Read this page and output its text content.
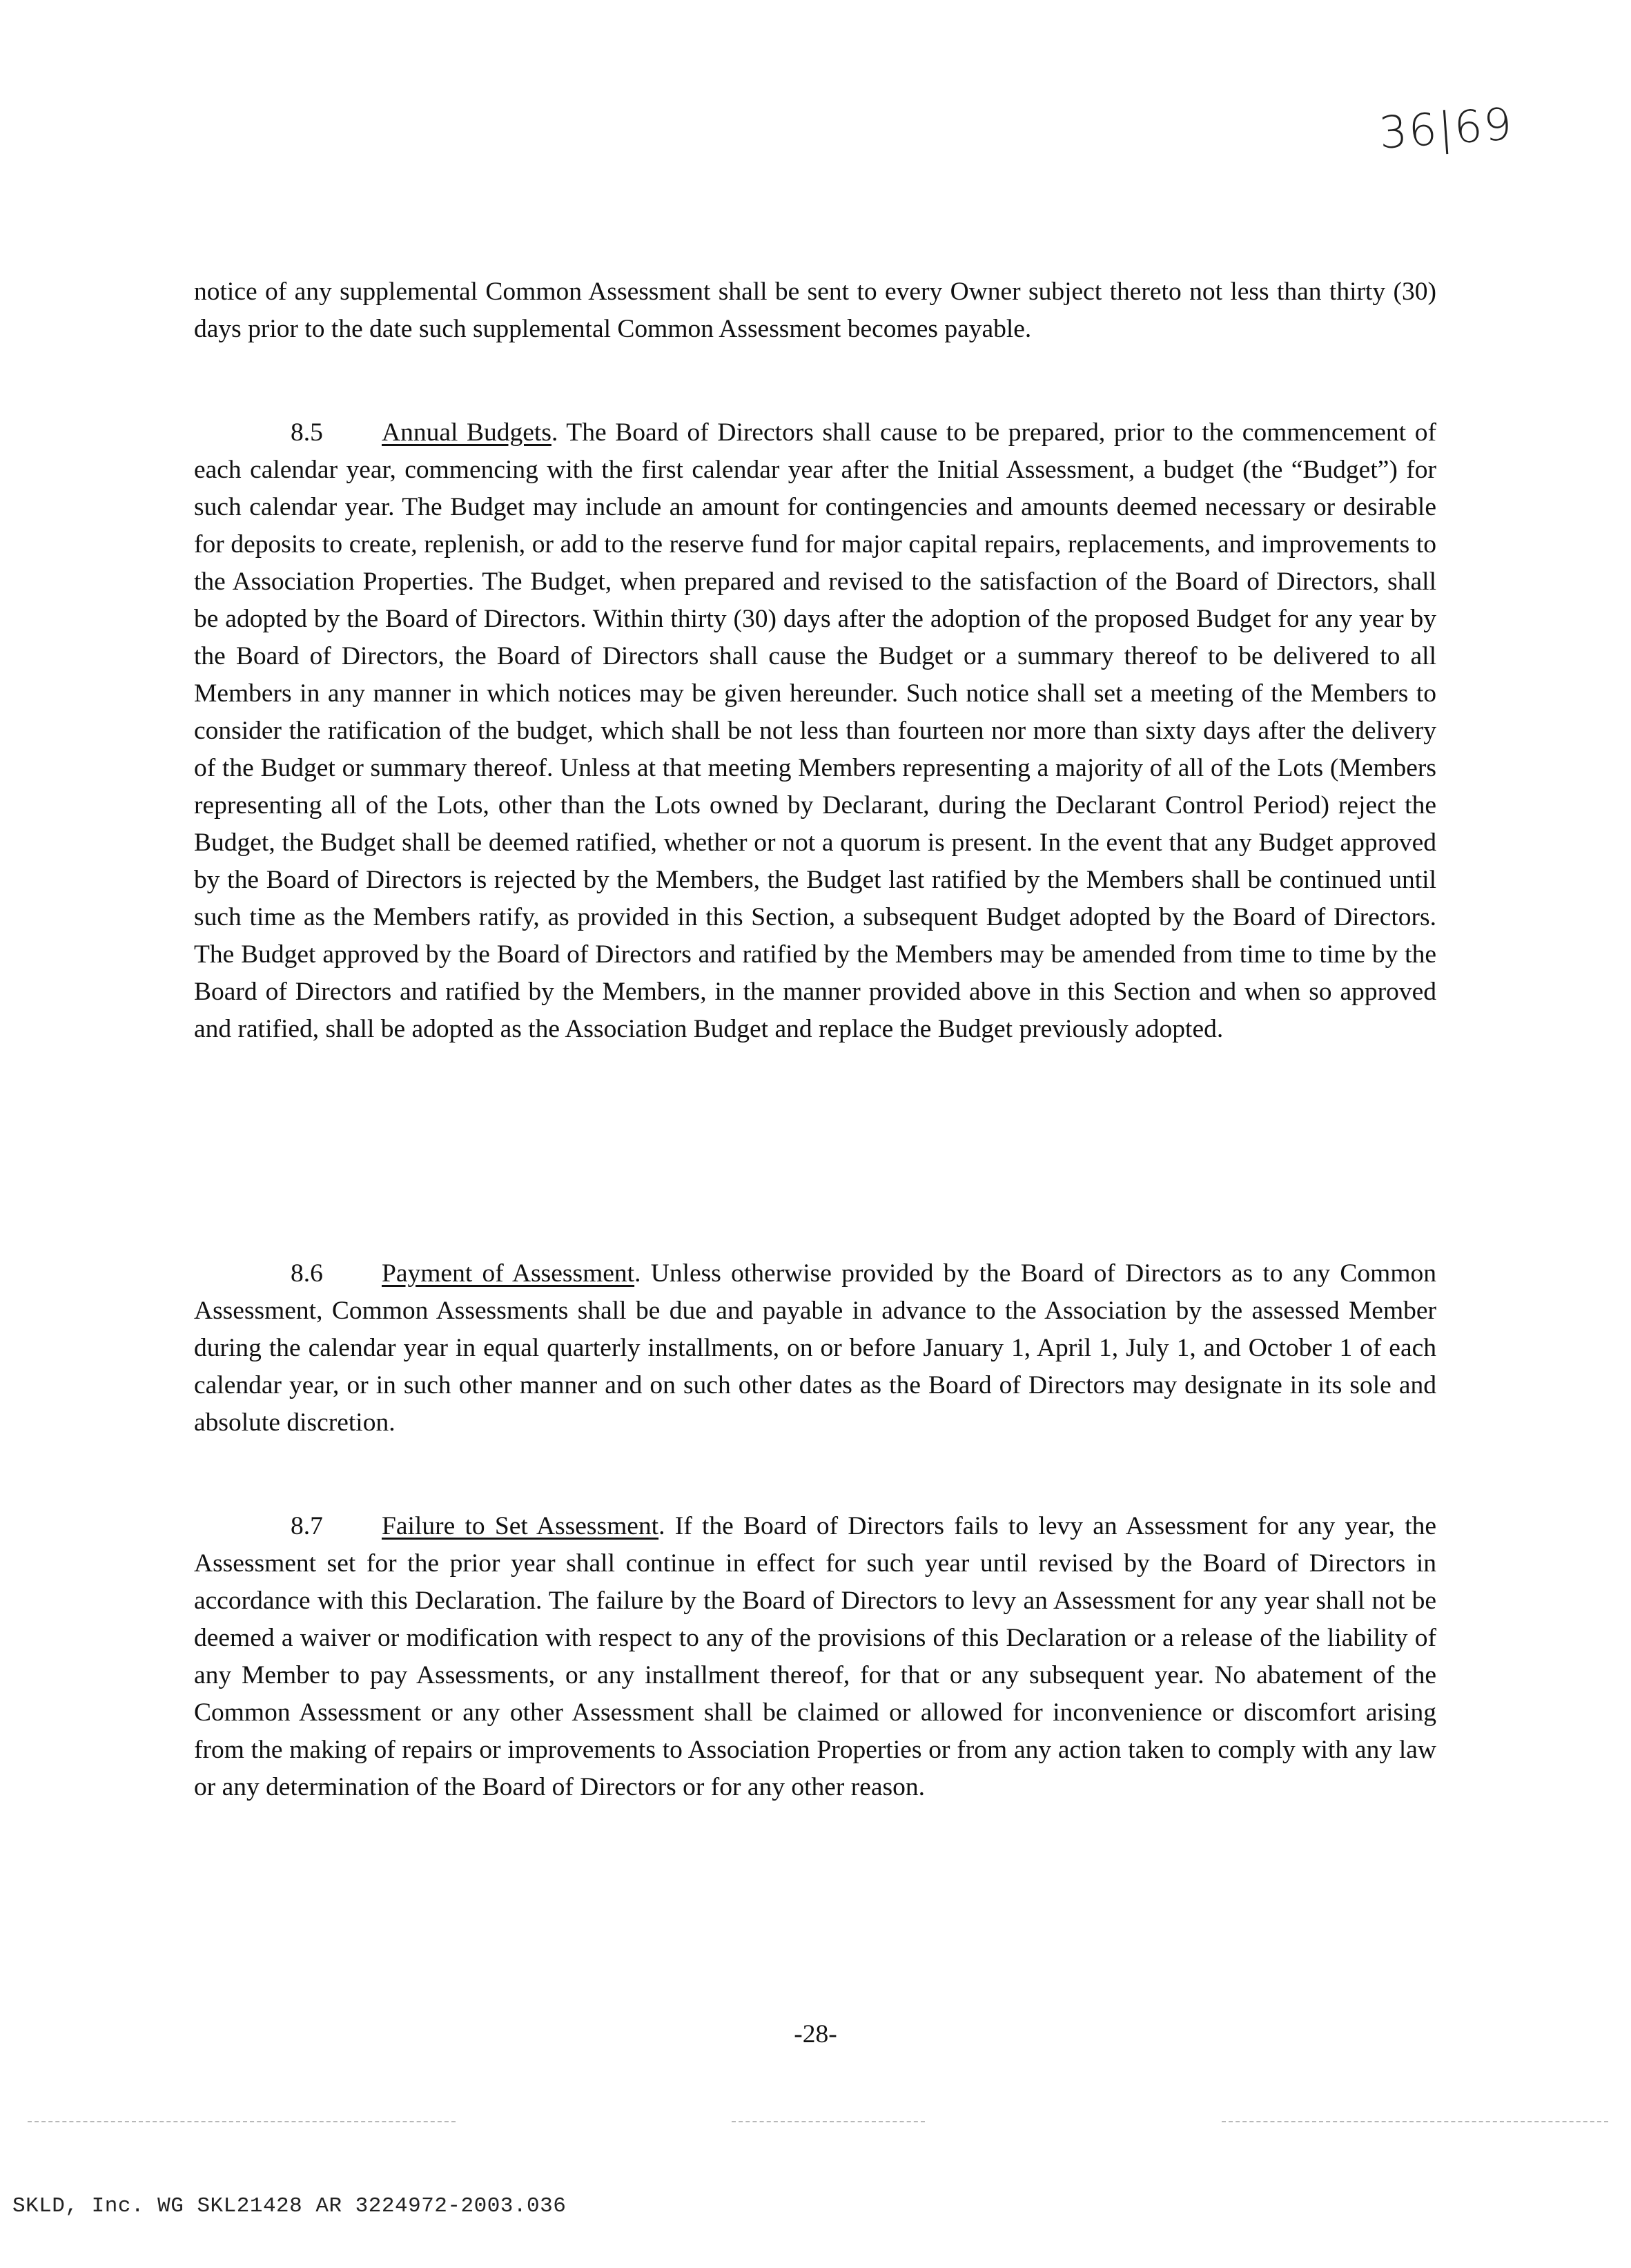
36|69

notice of any supplemental Common Assessment shall be sent to every Owner subject thereto not less than thirty (30) days prior to the date such supplemental Common Assessment becomes payable.

8.5 Annual Budgets. The Board of Directors shall cause to be prepared, prior to the commencement of each calendar year, commencing with the first calendar year after the Initial Assessment, a budget (the “Budget”) for such calendar year. The Budget may include an amount for contingencies and amounts deemed necessary or desirable for deposits to create, replenish, or add to the reserve fund for major capital repairs, replacements, and improvements to the Association Properties. The Budget, when prepared and revised to the satisfaction of the Board of Directors, shall be adopted by the Board of Directors. Within thirty (30) days after the adoption of the proposed Budget for any year by the Board of Directors, the Board of Directors shall cause the Budget or a summary thereof to be delivered to all Members in any manner in which notices may be given hereunder. Such notice shall set a meeting of the Members to consider the ratification of the budget, which shall be not less than fourteen nor more than sixty days after the delivery of the Budget or summary thereof. Unless at that meeting Members representing a majority of all of the Lots (Members representing all of the Lots, other than the Lots owned by Declarant, during the Declarant Control Period) reject the Budget, the Budget shall be deemed ratified, whether or not a quorum is present. In the event that any Budget approved by the Board of Directors is rejected by the Members, the Budget last ratified by the Members shall be continued until such time as the Members ratify, as provided in this Section, a subsequent Budget adopted by the Board of Directors. The Budget approved by the Board of Directors and ratified by the Members may be amended from time to time by the Board of Directors and ratified by the Members, in the manner provided above in this Section and when so approved and ratified, shall be adopted as the Association Budget and replace the Budget previously adopted.

8.6 Payment of Assessment. Unless otherwise provided by the Board of Directors as to any Common Assessment, Common Assessments shall be due and payable in advance to the Association by the assessed Member during the calendar year in equal quarterly installments, on or before January 1, April 1, July 1, and October 1 of each calendar year, or in such other manner and on such other dates as the Board of Directors may designate in its sole and absolute discretion.

8.7 Failure to Set Assessment. If the Board of Directors fails to levy an Assessment for any year, the Assessment set for the prior year shall continue in effect for such year until revised by the Board of Directors in accordance with this Declaration. The failure by the Board of Directors to levy an Assessment for any year shall not be deemed a waiver or modification with respect to any of the provisions of this Declaration or a release of the liability of any Member to pay Assessments, or any installment thereof, for that or any subsequent year. No abatement of the Common Assessment or any other Assessment shall be claimed or allowed for inconvenience or discomfort arising from the making of repairs or improvements to Association Properties or from any action taken to comply with any law or any determination of the Board of Directors or for any other reason.

-28-
SKLD, Inc. WG SKL21428 AR 3224972-2003.036
